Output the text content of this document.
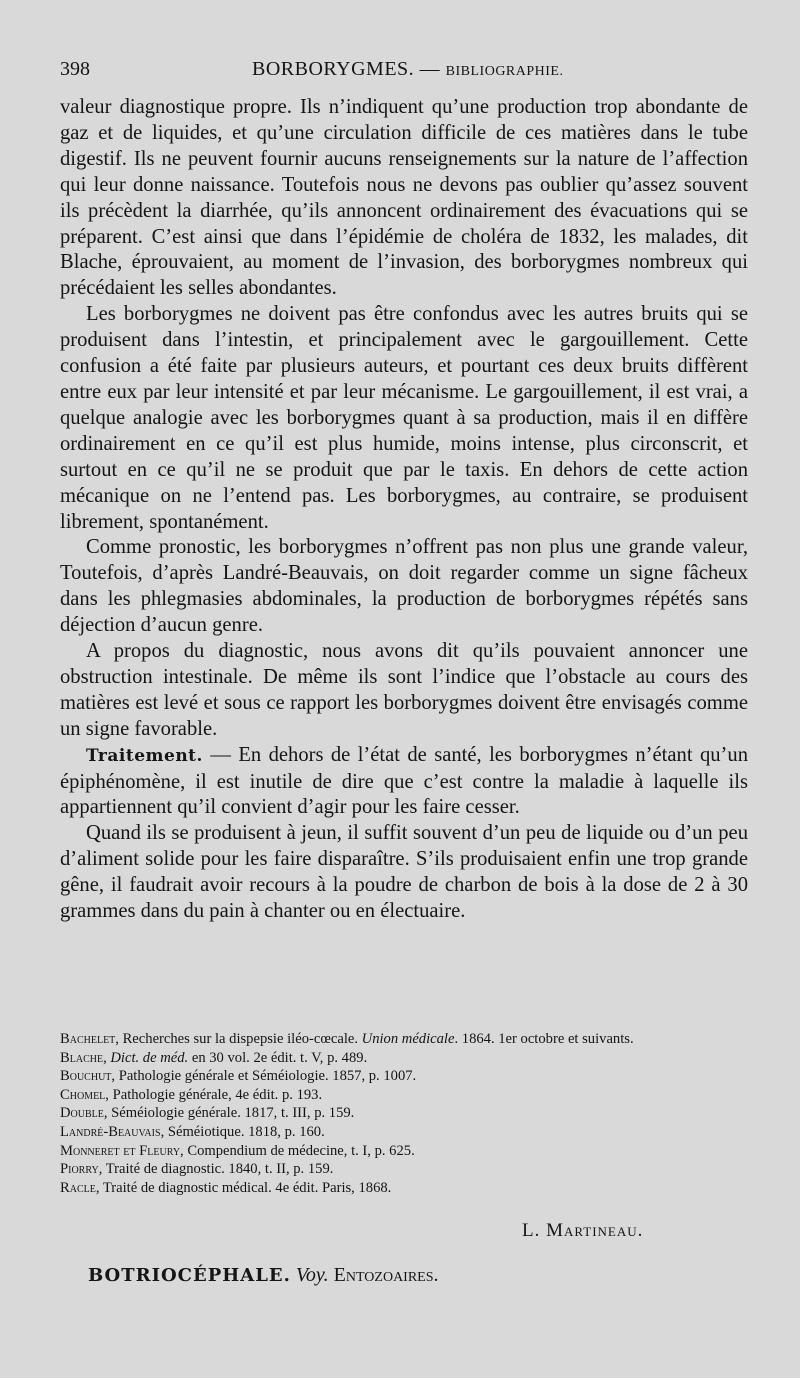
398	BORBORYGMES. — BIBLIOGRAPHIE.

valeur diagnostique propre. Ils n’indiquent qu’une production trop abondante de gaz et de liquides, et qu’une circulation difficile de ces matières dans le tube digestif. Ils ne peuvent fournir aucuns renseignements sur la nature de l’affection qui leur donne naissance. Toutefois nous ne devons pas oublier qu’assez souvent ils précèdent la diarrhée, qu’ils annoncent ordinairement des évacuations qui se préparent. C’est ainsi que dans l’épidémie de choléra de 1832, les malades, dit Blache, éprouvaient, au moment de l’invasion, des borborygmes nombreux qui précédaient les selles abondantes.

Les borborygmes ne doivent pas être confondus avec les autres bruits qui se produisent dans l’intestin, et principalement avec le gargouillement. Cette confusion a été faite par plusieurs auteurs, et pourtant ces deux bruits diffèrent entre eux par leur intensité et par leur mécanisme. Le gargouillement, il est vrai, a quelque analogie avec les borborygmes quant à sa production, mais il en diffère ordinairement en ce qu’il est plus humide, moins intense, plus circonscrit, et surtout en ce qu’il ne se produit que par le taxis. En dehors de cette action mécanique on ne l’entend pas. Les borborygmes, au contraire, se produisent librement, spontanément.

Comme pronostic, les borborygmes n’offrent pas non plus une grande valeur, Toutefois, d’après Landré-Beauvais, on doit regarder comme un signe fâcheux dans les phlegmasies abdominales, la production de borborygmes répétés sans déjection d’aucun genre.

A propos du diagnostic, nous avons dit qu’ils pouvaient annoncer une obstruction intestinale. De même ils sont l’indice que l’obstacle au cours des matières est levé et sous ce rapport les borborygmes doivent être envisagés comme un signe favorable.

Traitement. — En dehors de l’état de santé, les borborygmes n’étant qu’un épiphénomène, il est inutile de dire que c’est contre la maladie à laquelle ils appartiennent qu’il convient d’agir pour les faire cesser.

Quand ils se produisent à jeun, il suffit souvent d’un peu de liquide ou d’un peu d’aliment solide pour les faire disparaître. S’ils produisaient enfin une trop grande gêne, il faudrait avoir recours à la poudre de charbon de bois à la dose de 2 à 30 grammes dans du pain à chanter ou en électuaire.

Bachelet, Recherches sur la dispepsie iléo-cœcale. Union médicale. 1864. 1er octobre et suivants.

Blache, Dict. de méd. en 30 vol. 2e édit. t. V, p. 489.

Bouchut, Pathologie générale et Séméiologie. 1857, p. 1007.

Chomel, Pathologie générale, 4e édit. p. 193.

Double, Séméiologie générale. 1817, t. III, p. 159.

Landré-Beauvais, Séméiotique. 1818, p. 160.

Monneret et Fleury, Compendium de médecine, t. I, p. 625.

Piorry, Traité de diagnostic. 1840, t. II, p. 159.

Racle, Traité de diagnostic médical. 4e édit. Paris, 1868.

L. Martineau.
BOTRIOCÉPHALE. Voy. Entozoaires.
